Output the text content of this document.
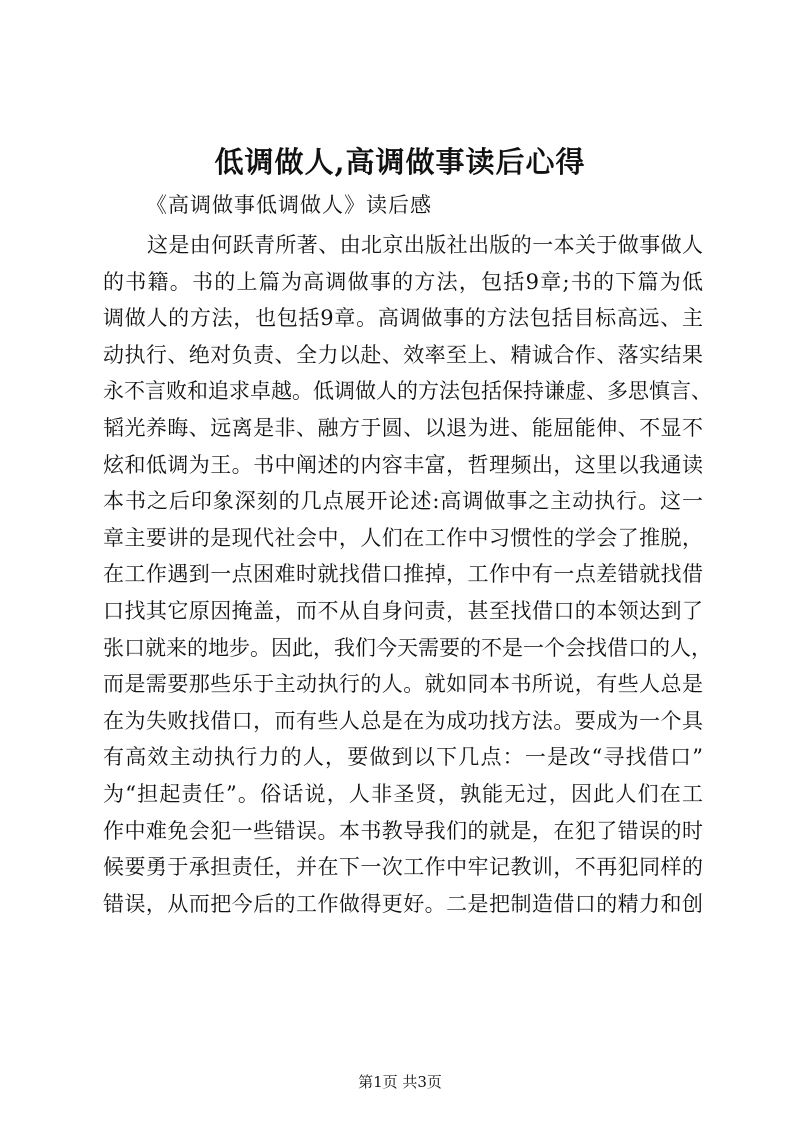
低调做人,高调做事读后心得
《高调做事低调做人》读后感
这是由何跃青所著、由北京出版社出版的一本关于做事做人
的书籍。书的上篇为高调做事的方法，包括9章;书的下篇为低
调做人的方法，也包括9章。高调做事的方法包括目标高远、主
动执行、绝对负责、全力以赴、效率至上、精诚合作、落实结果
永不言败和追求卓越。低调做人的方法包括保持谦虚、多思慎言、
韬光养晦、远离是非、融方于圆、以退为进、能屈能伸、不显不
炫和低调为王。书中阐述的内容丰富，哲理频出，这里以我通读
本书之后印象深刻的几点展开论述:高调做事之主动执行。这一
章主要讲的是现代社会中，人们在工作中习惯性的学会了推脱，
在工作遇到一点困难时就找借口推掉，工作中有一点差错就找借
口找其它原因掩盖，而不从自身问责，甚至找借口的本领达到了
张口就来的地步。因此，我们今天需要的不是一个会找借口的人，
而是需要那些乐于主动执行的人。就如同本书所说，有些人总是
在为失败找借口，而有些人总是在为成功找方法。要成为一个具
有高效主动执行力的人，要做到以下几点：一是改“寻找借口”
为“担起责任”。俗话说，人非圣贤，孰能无过，因此人们在工
作中难免会犯一些错误。本书教导我们的就是，在犯了错误的时
候要勇于承担责任，并在下一次工作中牢记教训，不再犯同样的
错误，从而把今后的工作做得更好。二是把制造借口的精力和创
第1页 共3页
